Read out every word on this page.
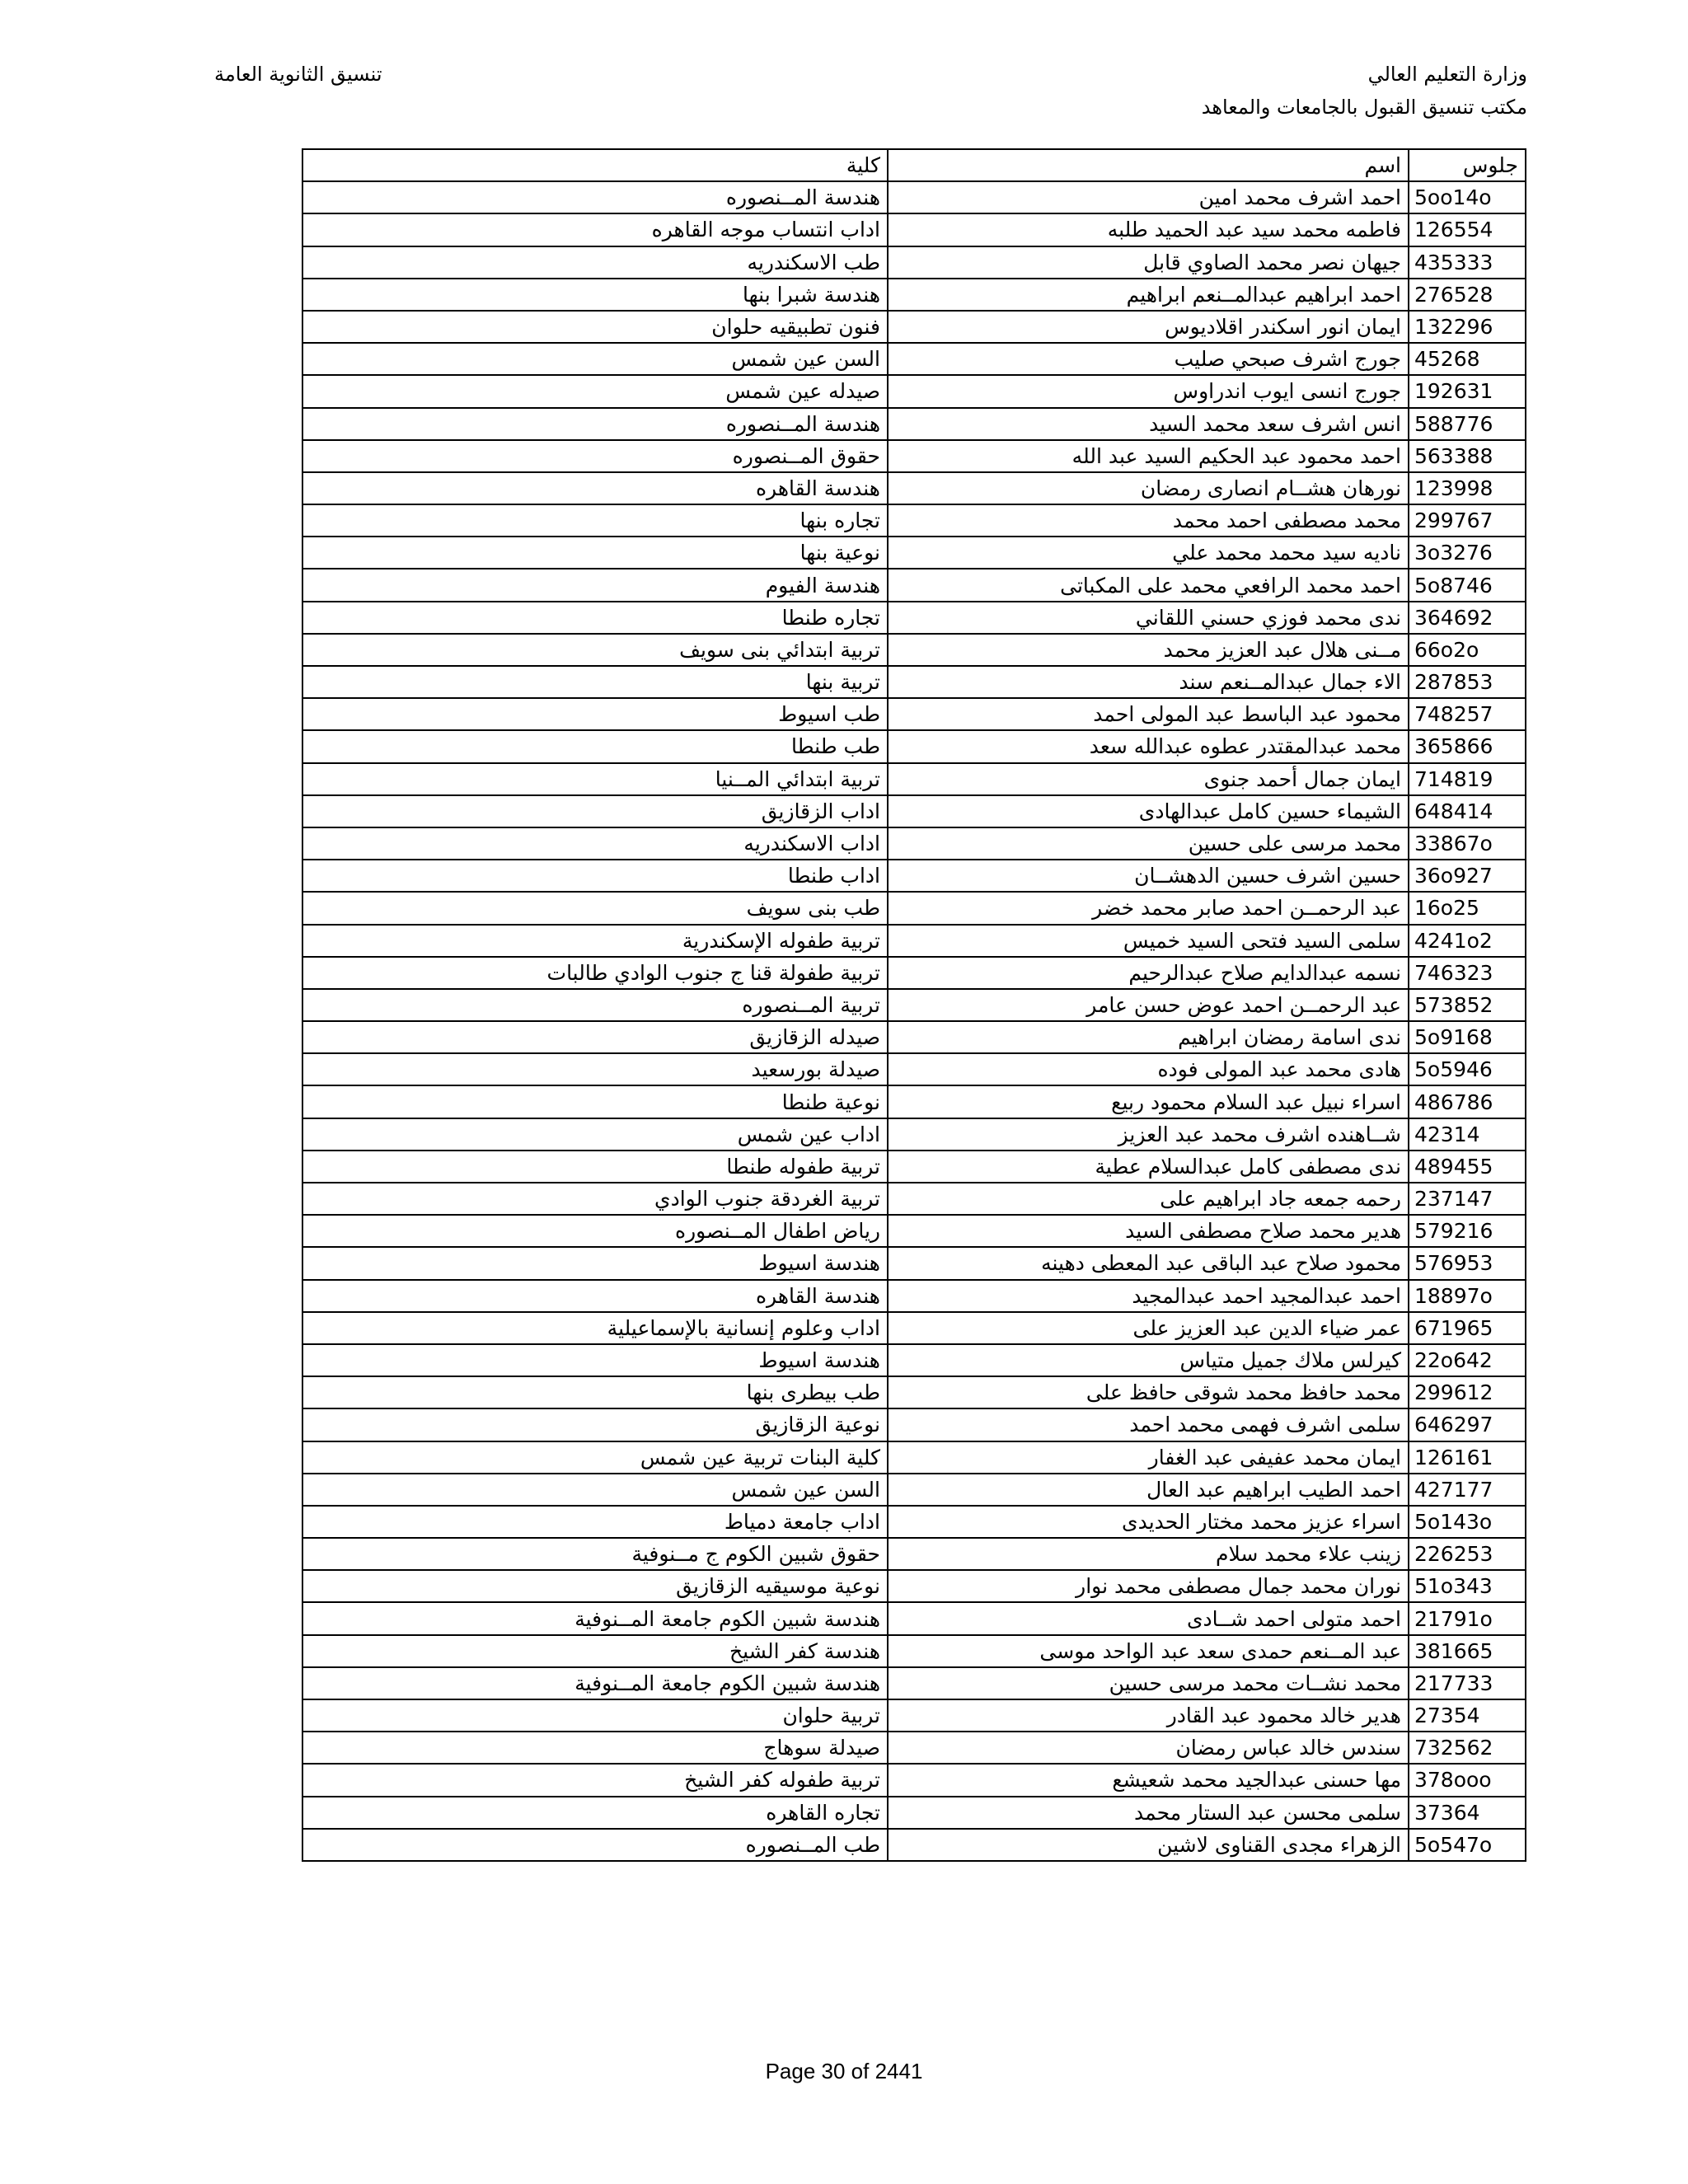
وزارة التعليم العالي
مكتب تنسيق القبول بالجامعات والمعاهد
تنسيق الثانوية العامة
جلوس	اسم	كلية
5oo14o	احمد اشرف محمد امين	هندسة المــنصوره
126554	فاطمه محمد سيد عبد الحميد طلبه	اداب انتساب موجه القاهره
435333	جيهان نصر محمد الصاوي قابل	طب الاسكندريه
276528	احمد ابراهيم عبدالمــنعم ابراهيم	هندسة شبرا بنها
132296	ايمان انور اسكندر اقلاديوس	فنون تطبيقيه حلوان
45268	جورج اشرف صبحي صليب	السن عين شمس
192631	جورج انسى ايوب اندراوس	صيدله عين شمس
588776	انس اشرف سعد محمد السيد	هندسة المــنصوره
563388	احمد محمود عبد الحكيم السيد عبد الله	حقوق المــنصوره
123998	نورهان هشــام انصارى رمضان	هندسة القاهره
299767	محمد مصطفى احمد محمد	تجاره بنها
3o3276	ناديه سيد محمد محمد علي	نوعية بنها
5o8746	احمد محمد الرافعي محمد على المكباتى	هندسة الفيوم
364692	ندى محمد فوزي حسني اللقاني	تجاره طنطا
66o2o	مــنى هلال عبد العزيز محمد	تربية ابتدائي بنى سويف
287853	الاء جمال عبدالمــنعم سند	تربية بنها
748257	محمود عبد الباسط عبد المولى احمد	طب اسيوط
365866	محمد عبدالمقتدر عطوه عبدالله سعد	طب طنطا
714819	ايمان جمال أحمد جنوى	تربية ابتدائي المــنيا
648414	الشيماء حسين كامل عبدالهادى	اداب الزقازيق
33867o	محمد مرسى على حسين	اداب الاسكندريه
36o927	حسين اشرف حسين الدهشــان	اداب طنطا
16o25	عبد الرحمــن احمد صابر محمد خضر	طب بنى سويف
4241o2	سلمى السيد فتحى السيد خميس	تربية طفوله الإسكندرية
746323	نسمه عبدالدايم صلاح عبدالرحيم	تربية طفولة قنا ج جنوب الوادي طالبات
573852	عبد الرحمــن احمد عوض حسن عامر	تربية المــنصوره
5o9168	ندى اسامة رمضان ابراهيم	صيدله الزقازيق
5o5946	هادى محمد عبد المولى فوده	صيدلة بورسعيد
486786	اسراء نبيل عبد السلام محمود ربيع	نوعية طنطا
42314	شــاهنده اشرف محمد عبد العزيز	اداب عين شمس
489455	ندى مصطفى كامل عبدالسلام عطية	تربية طفوله طنطا
237147	رحمه جمعه جاد ابراهيم على	تربية الغردقة جنوب الوادي
579216	هدير محمد صلاح مصطفى السيد	رياض اطفال المــنصوره
576953	محمود صلاح عبد الباقى عبد المعطى دهينه	هندسة اسيوط
18897o	احمد عبدالمجيد احمد عبدالمجيد	هندسة القاهره
671965	عمر ضياء الدين عبد العزيز على	اداب وعلوم إنسانية بالإسماعيلية
22o642	كيرلس ملاك جميل متياس	هندسة اسيوط
299612	محمد حافظ محمد شوقى حافظ على	طب بيطرى بنها
646297	سلمى اشرف فهمى محمد احمد	نوعية الزقازيق
126161	ايمان محمد عفيفى عبد الغفار	كلية البنات تربية عين شمس
427177	احمد الطيب ابراهيم عبد العال	السن عين شمس
5o143o	اسراء عزيز محمد مختار الحديدى	اداب جامعة دمياط
226253	زينب علاء محمد سلام	حقوق شبين الكوم ج مــنوفية
51o343	نوران محمد جمال مصطفى محمد نوار	نوعية موسيقيه الزقازيق
21791o	احمد متولى احمد شــادى	هندسة شبين الكوم جامعة المــنوفية
381665	عبد المــنعم حمدى سعد عبد الواحد موسى	هندسة كفر الشيخ
217733	محمد نشــات محمد مرسى حسين	هندسة شبين الكوم جامعة المــنوفية
27354	هدير خالد محمود عبد القادر	تربية حلوان
732562	سندس خالد عباس رمضان	صيدلة سوهاج
378ooo	مها حسنى عبدالجيد محمد شعيشع	تربية طفوله كفر الشيخ
37364	سلمى محسن عبد الستار محمد	تجاره القاهره
5o547o	الزهراء مجدى القناوى لاشين	طب المــنصوره
Page 30 of 2441
